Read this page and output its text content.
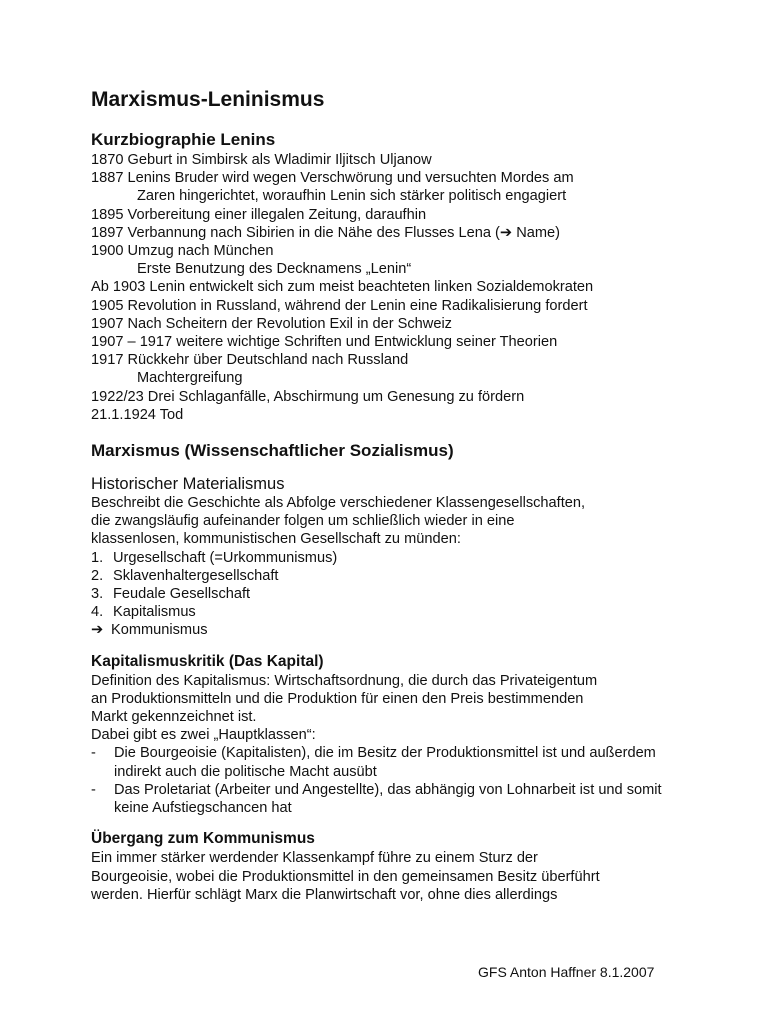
Marxismus-Leninismus
Kurzbiographie Lenins
1870 Geburt in Simbirsk als Wladimir Iljitsch Uljanow
1887 Lenins Bruder wird wegen Verschwörung und versuchten Mordes am
Zaren hingerichtet, woraufhin Lenin sich stärker politisch engagiert
1895 Vorbereitung einer illegalen Zeitung, daraufhin
1897 Verbannung nach Sibirien in die Nähe des Flusses Lena (➔ Name)
1900 Umzug nach München
Erste Benutzung des Decknamens „Lenin“
Ab 1903 Lenin entwickelt sich zum meist beachteten linken Sozialdemokraten
1905 Revolution in Russland, während der Lenin eine Radikalisierung fordert
1907 Nach Scheitern der Revolution Exil in der Schweiz
1907 – 1917 weitere wichtige Schriften und Entwicklung seiner Theorien
1917 Rückkehr über Deutschland nach Russland
Machtergreifung
1922/23 Drei Schlaganfälle, Abschirmung um Genesung zu fördern
21.1.1924 Tod
Marxismus (Wissenschaftlicher Sozialismus)
Historischer Materialismus
Beschreibt die Geschichte als Abfolge verschiedener Klassengesellschaften,
die zwangsläufig aufeinander folgen um schließlich wieder in eine
klassenlosen, kommunistischen Gesellschaft zu münden:
1. Urgesellschaft (=Urkommunismus)
2. Sklavenhaltergesellschaft
3. Feudale Gesellschaft
4. Kapitalismus
➔ Kommunismus
Kapitalismuskritik (Das Kapital)
Definition des Kapitalismus: Wirtschaftsordnung, die durch das Privateigentum
an Produktionsmitteln und die Produktion für einen den Preis bestimmenden
Markt gekennzeichnet ist.
Dabei gibt es zwei „Hauptklassen“:
-	Die Bourgeoisie (Kapitalisten), die im Besitz der Produktionsmittel ist und außerdem indirekt auch die politische Macht ausübt
-	Das Proletariat (Arbeiter und Angestellte), das abhängig von Lohnarbeit ist und somit keine Aufstiegschancen hat
Übergang zum Kommunismus
Ein immer stärker werdender Klassenkampf führe zu einem Sturz der
Bourgeoisie, wobei die Produktionsmittel in den gemeinsamen Besitz überführt
werden. Hierfür schlägt Marx die Planwirtschaft vor, ohne dies allerdings
GFS Anton Haffner 8.1.2007
